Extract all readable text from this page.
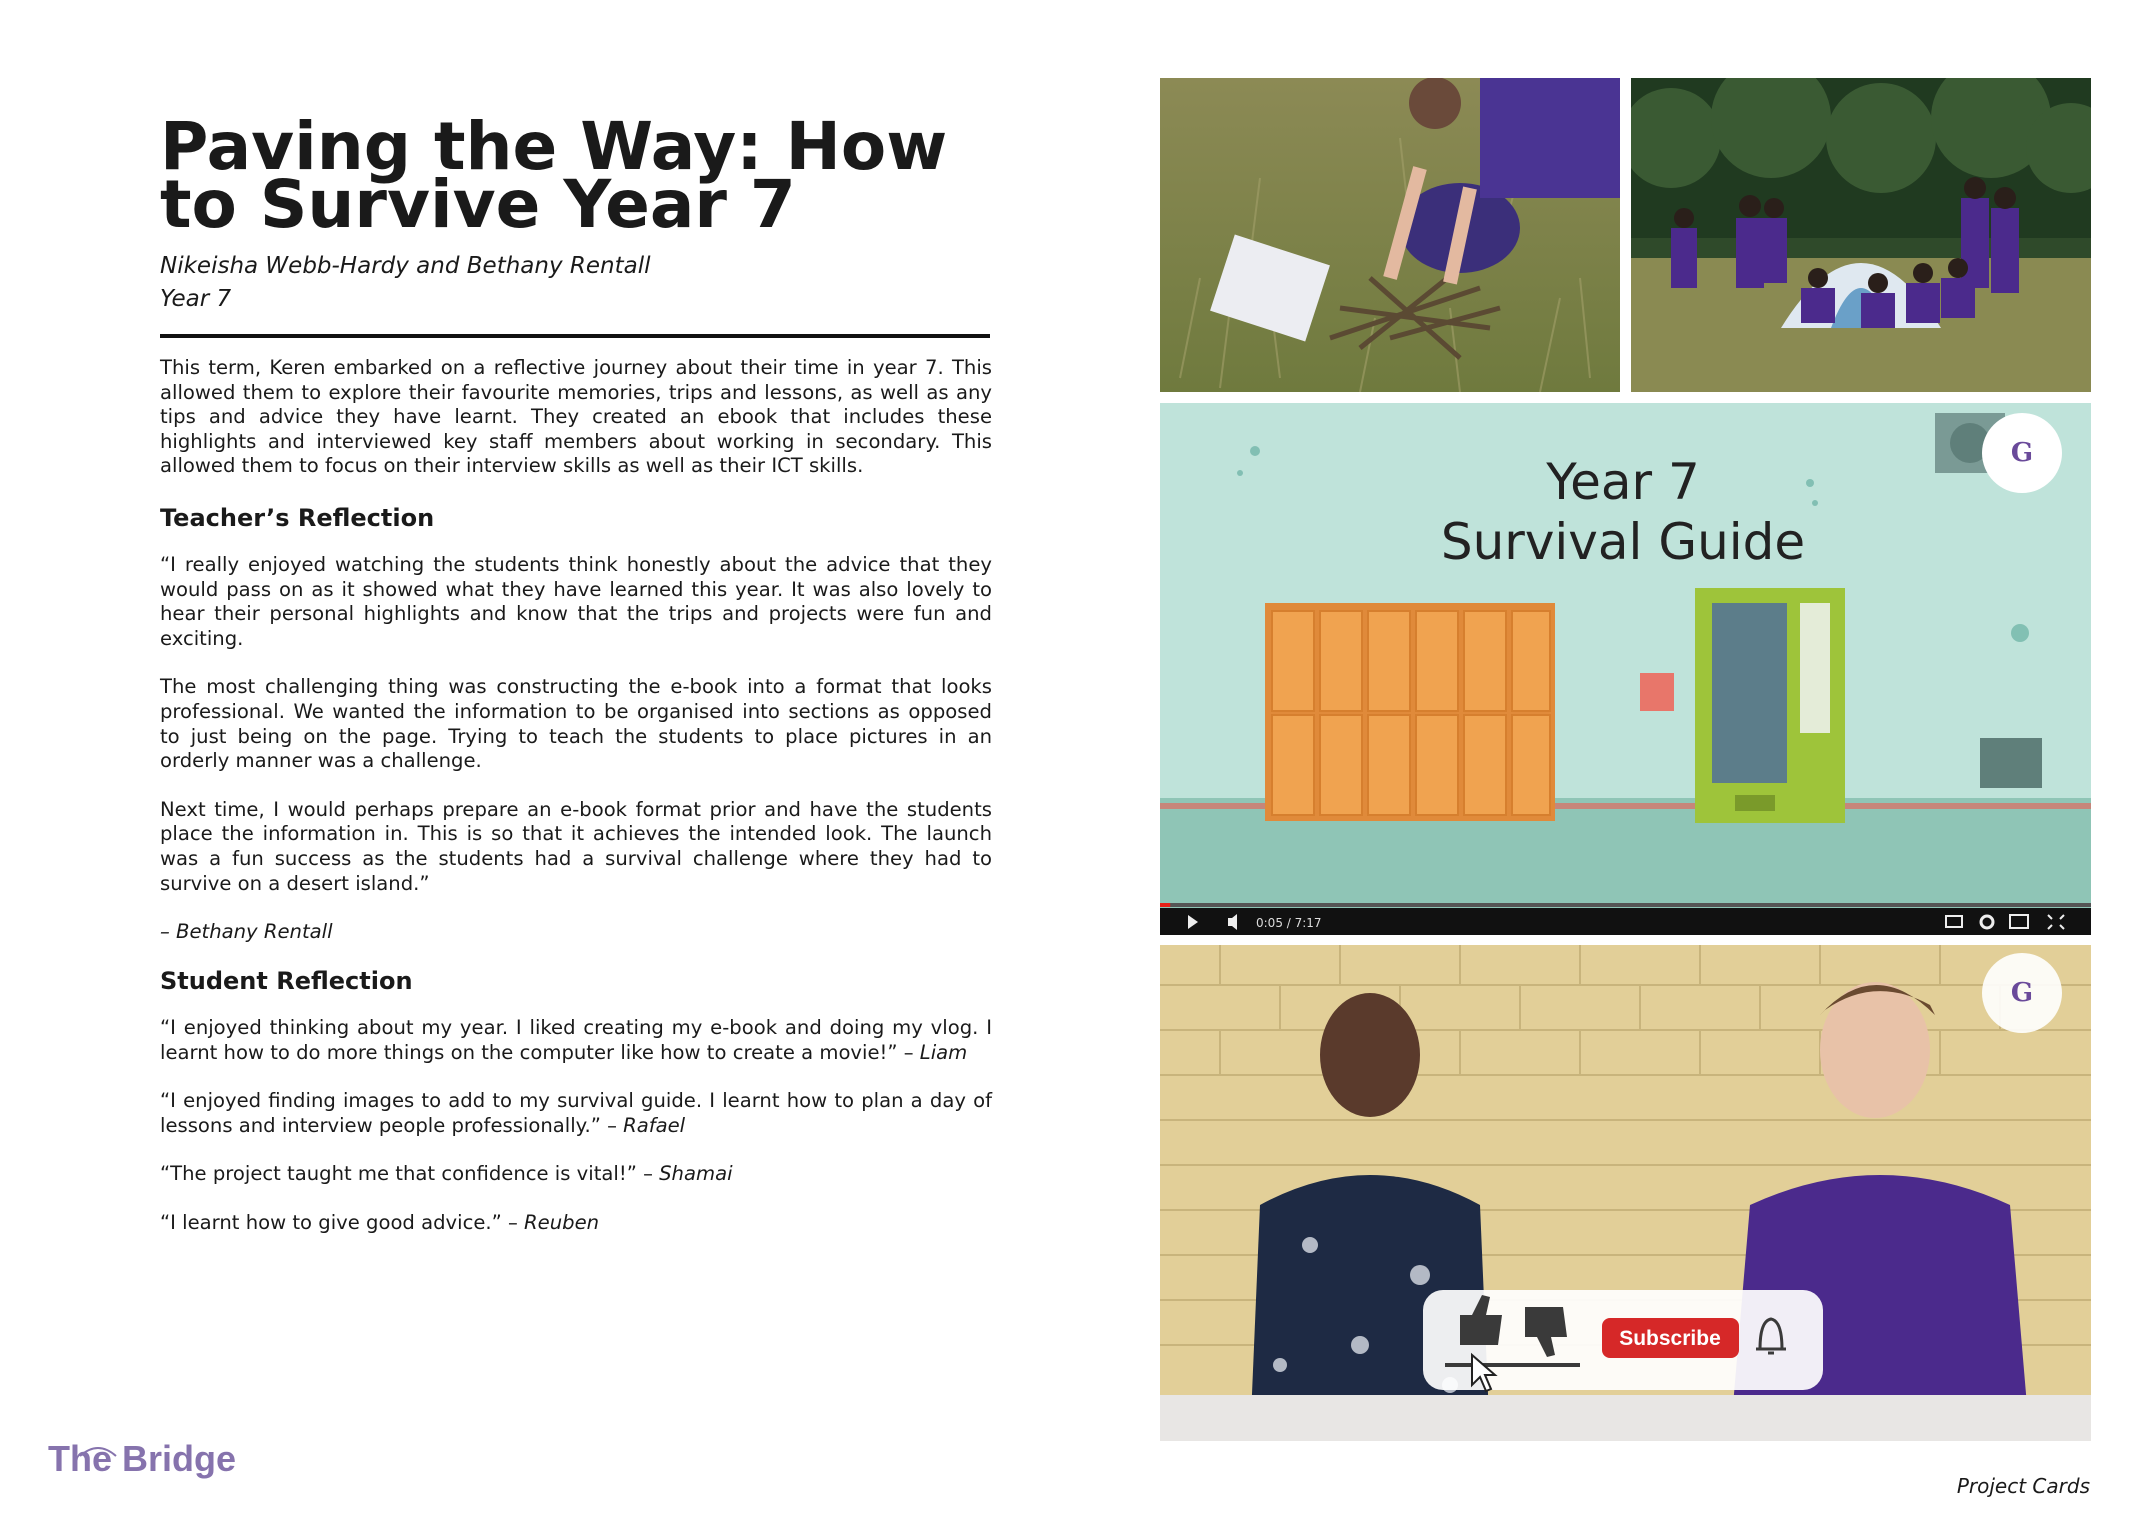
Paving the Way: How to Survive Year 7
Nikeisha Webb-Hardy and Bethany Rentall
Year 7

This term, Keren embarked on a reflective journey about their time in year 7. This allowed them to explore their favourite memories, trips and lessons, as well as any tips and advice they have learnt. They created an ebook that includes these highlights and interviewed key staff members about working in secondary. This allowed them to focus on their interview skills as well as their ICT skills.

Teacher’s Reflection

“I really enjoyed watching the students think honestly about the advice that they would pass on as it showed what they have learned this year. It was also lovely to hear their personal highlights and know that the trips and projects were fun and exciting.

The most challenging thing was constructing the e-book into a format that looks professional. We wanted the information to be organised into sections as opposed to just being on the page. Trying to teach the students to place pictures in an orderly manner was a challenge.

Next time, I would perhaps prepare an e-book format prior and have the students place the information in. This is so that it achieves the intended look. The launch was a fun success as the students had a survival challenge where they had to survive on a desert island.”

– Bethany Rentall
Student Reflection

“I enjoyed thinking about my year. I liked creating my e-book and doing my vlog. I learnt how to do more things on the computer like how to create a movie!” – Liam

“I enjoyed finding images to add to my survival guide. I learnt how to plan a day of lessons and interview people professionally.” – Rafael

“The project taught me that confidence is vital!” – Shamai

“I learnt how to give good advice.” – Reuben

G
Year 7
Survival Guide
0:05 / 7:17
G
Subscribe
The Bridge
Project Cards
